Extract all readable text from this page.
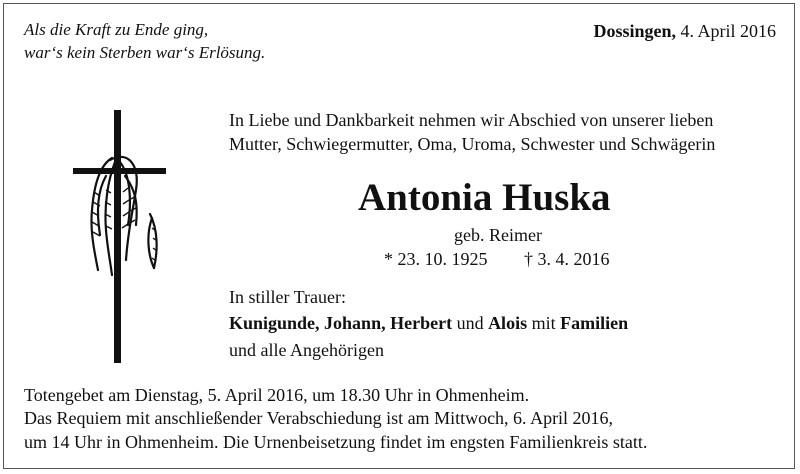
Als die Kraft zu Ende ging,
war‘s kein Sterben war‘s Erlösung.
Dossingen, 4. April 2016
In Liebe und Dankbarkeit nehmen wir Abschied von unserer lieben
Mutter, Schwiegermutter, Oma, Uroma, Schwester und Schwägerin
Antonia Huska
geb. Reimer
* 23. 10. 1925 † 3. 4. 2016
In stiller Trauer:
Kunigunde, Johann, Herbert und Alois mit Familien
und alle Angehörigen
Totengebet am Dienstag, 5. April 2016, um 18.30 Uhr in Ohmenheim.
Das Requiem mit anschließender Verabschiedung ist am Mittwoch, 6. April 2016,
um 14 Uhr in Ohmenheim. Die Urnenbeisetzung findet im engsten Familienkreis statt.
